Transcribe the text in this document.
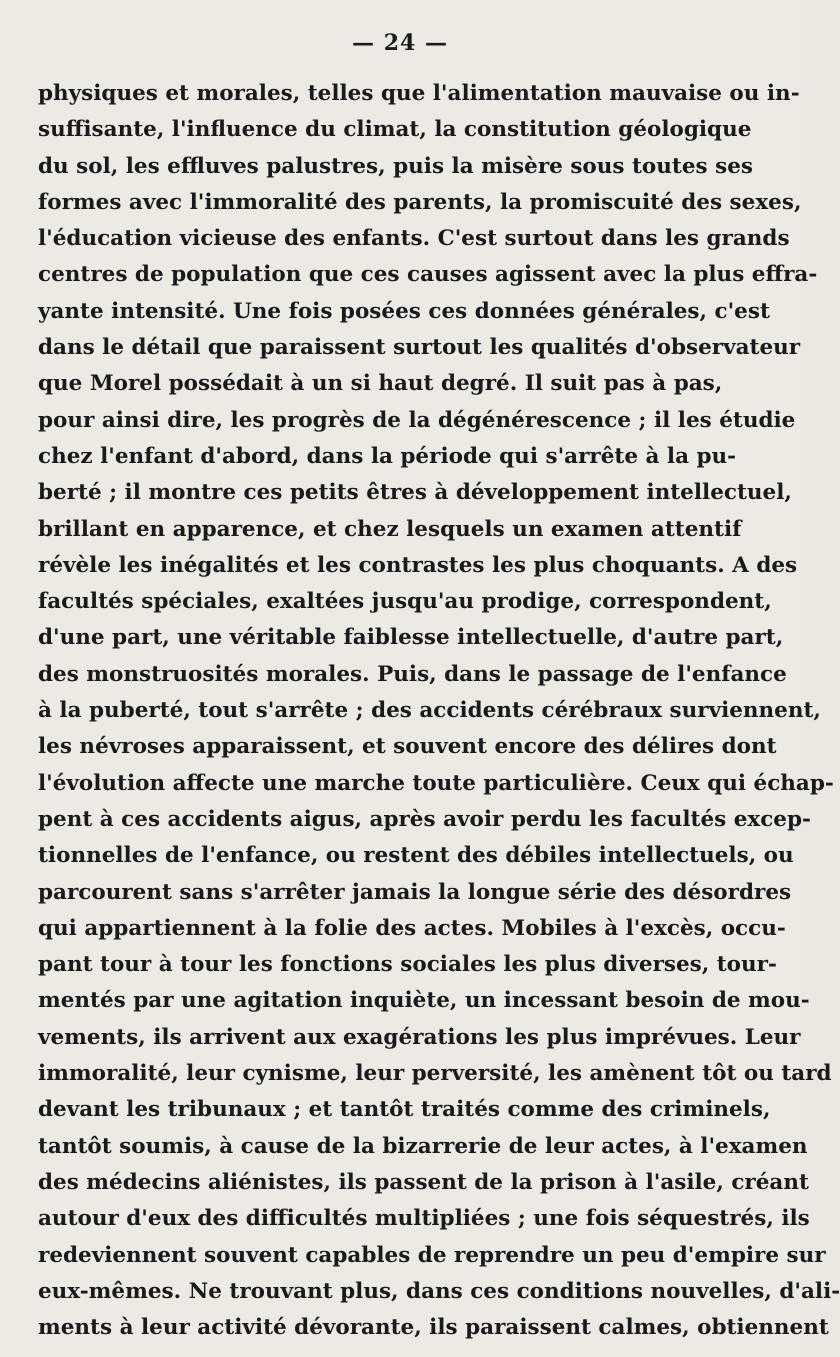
— 24 —
physiques et morales, telles que l'alimentation mauvaise ou in-
suffisante, l'influence du climat, la constitution géologique
du sol, les effluves palustres, puis la misère sous toutes ses
formes avec l'immoralité des parents, la promiscuité des sexes,
l'éducation vicieuse des enfants. C'est surtout dans les grands
centres de population que ces causes agissent avec la plus effra-
yante intensité. Une fois posées ces données générales, c'est
dans le détail que paraissent surtout les qualités d'observateur
que Morel possédait à un si haut degré. Il suit pas à pas,
pour ainsi dire, les progrès de la dégénérescence ; il les étudie
chez l'enfant d'abord, dans la période qui s'arrête à la pu-
berté ; il montre ces petits êtres à développement intellectuel,
brillant en apparence, et chez lesquels un examen attentif
révèle les inégalités et les contrastes les plus choquants. A des
facultés spéciales, exaltées jusqu'au prodige, correspondent,
d'une part, une véritable faiblesse intellectuelle, d'autre part,
des monstruosités morales. Puis, dans le passage de l'enfance
à la puberté, tout s'arrête ; des accidents cérébraux surviennent,
les névroses apparaissent, et souvent encore des délires dont
l'évolution affecte une marche toute particulière. Ceux qui échap-
pent à ces accidents aigus, après avoir perdu les facultés excep-
tionnelles de l'enfance, ou restent des débiles intellectuels, ou
parcourent sans s'arrêter jamais la longue série des désordres
qui appartiennent à la folie des actes. Mobiles à l'excès, occu-
pant tour à tour les fonctions sociales les plus diverses, tour-
mentés par une agitation inquiète, un incessant besoin de mou-
vements, ils arrivent aux exagérations les plus imprévues. Leur
immoralité, leur cynisme, leur perversité, les amènent tôt ou tard
devant les tribunaux ; et tantôt traités comme des criminels,
tantôt soumis, à cause de la bizarrerie de leur actes, à l'examen
des médecins aliénistes, ils passent de la prison à l'asile, créant
autour d'eux des difficultés multipliées ; une fois séquestrés, ils
redeviennent souvent capables de reprendre un peu d'empire sur
eux-mêmes. Ne trouvant plus, dans ces conditions nouvelles, d'ali-
ments à leur activité dévorante, ils paraissent calmes, obtiennent
